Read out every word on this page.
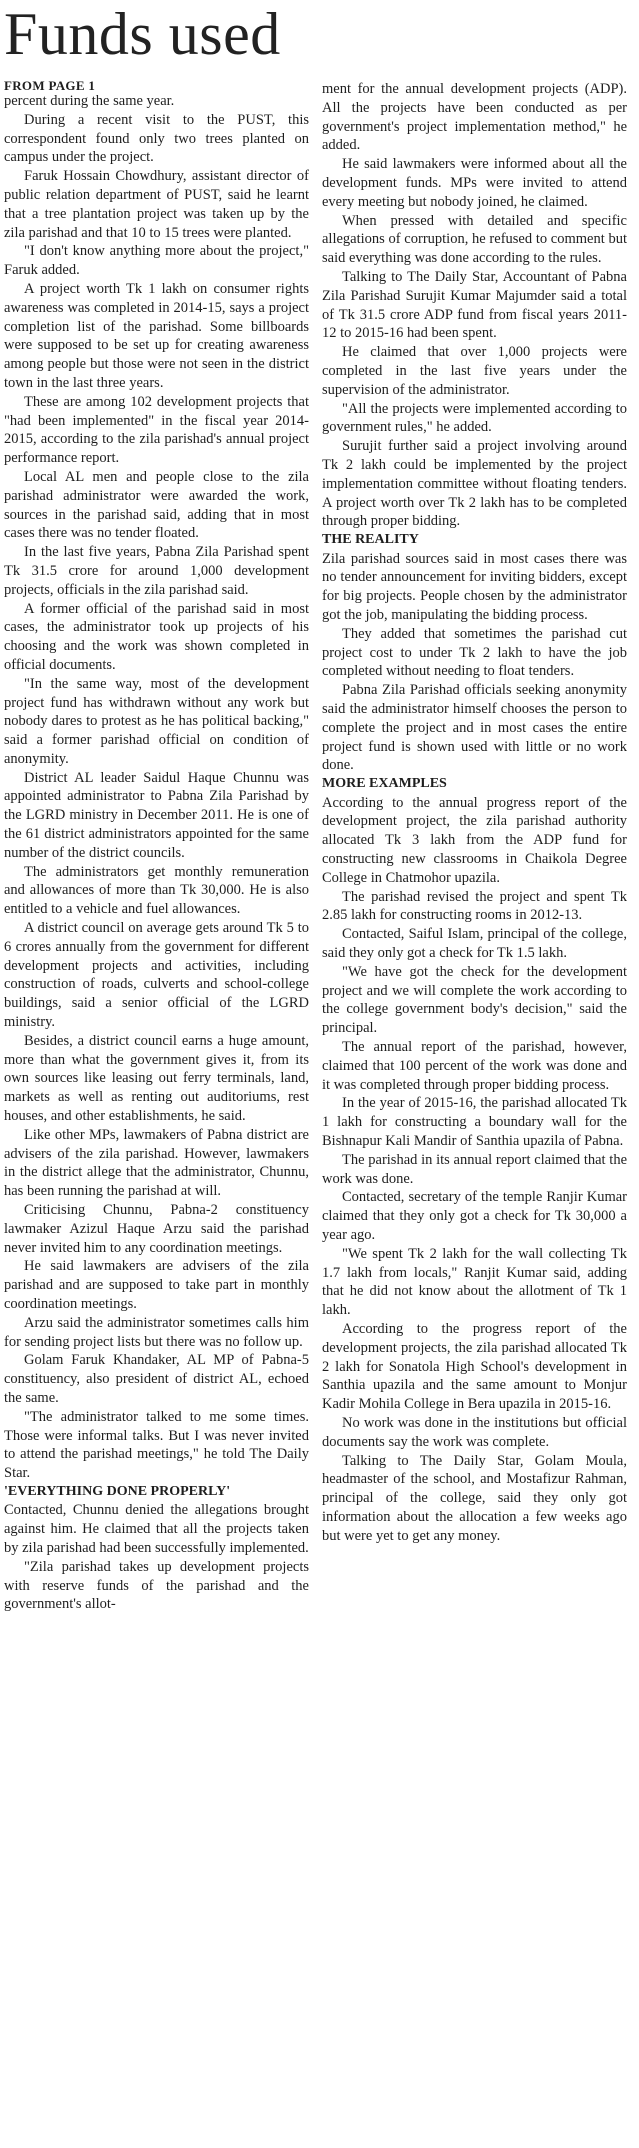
Funds used
FROM PAGE 1

percent during the same year.

During a recent visit to the PUST, this correspondent found only two trees planted on campus under the project.

Faruk Hossain Chowdhury, assistant director of public relation department of PUST, said he learnt that a tree plantation project was taken up by the zila parishad and that 10 to 15 trees were planted.

"I don't know anything more about the project," Faruk added.

A project worth Tk 1 lakh on consumer rights awareness was completed in 2014-15, says a project completion list of the parishad. Some billboards were supposed to be set up for creating awareness among people but those were not seen in the district town in the last three years.

These are among 102 development projects that "had been implemented" in the fiscal year 2014-2015, according to the zila parishad's annual project performance report.

Local AL men and people close to the zila parishad administrator were awarded the work, sources in the parishad said, adding that in most cases there was no tender floated.

In the last five years, Pabna Zila Parishad spent Tk 31.5 crore for around 1,000 development projects, officials in the zila parishad said.

A former official of the parishad said in most cases, the administrator took up projects of his choosing and the work was shown completed in official documents.

"In the same way, most of the development project fund has withdrawn without any work but nobody dares to protest as he has political backing," said a former parishad official on condition of anonymity.

District AL leader Saidul Haque Chunnu was appointed administrator to Pabna Zila Parishad by the LGRD ministry in December 2011. He is one of the 61 district administrators appointed for the same number of the district councils.

The administrators get monthly remuneration and allowances of more than Tk 30,000. He is also entitled to a vehicle and fuel allowances.

A district council on average gets around Tk 5 to 6 crores annually from the government for different development projects and activities, including construction of roads, culverts and school-college buildings, said a senior official of the LGRD ministry.

Besides, a district council earns a huge amount, more than what the government gives it, from its own sources like leasing out ferry terminals, land, markets as well as renting out auditoriums, rest houses, and other establishments, he said.

Like other MPs, lawmakers of Pabna district are advisers of the zila parishad. However, lawmakers in the district allege that the administrator, Chunnu, has been running the parishad at will.

Criticising Chunnu, Pabna-2 constituency lawmaker Azizul Haque Arzu said the parishad never invited him to any coordination meetings.

He said lawmakers are advisers of the zila parishad and are supposed to take part in monthly coordination meetings.

Arzu said the administrator sometimes calls him for sending project lists but there was no follow up.

Golam Faruk Khandaker, AL MP of Pabna-5 constituency, also president of district AL, echoed the same.

"The administrator talked to me some times. Those were informal talks. But I was never invited to attend the parishad meetings," he told The Daily Star.

'EVERYTHING DONE PROPERLY'

Contacted, Chunnu denied the allegations brought against him. He claimed that all the projects taken by zila parishad had been successfully implemented.

"Zila parishad takes up development projects with reserve funds of the parishad and the government's allot-

ment for the annual development projects (ADP). All the projects have been conducted as per government's project implementation method," he added.

He said lawmakers were informed about all the development funds. MPs were invited to attend every meeting but nobody joined, he claimed.

When pressed with detailed and specific allegations of corruption, he refused to comment but said everything was done according to the rules.

Talking to The Daily Star, Accountant of Pabna Zila Parishad Surujit Kumar Majumder said a total of Tk 31.5 crore ADP fund from fiscal years 2011-12 to 2015-16 had been spent.

He claimed that over 1,000 projects were completed in the last five years under the supervision of the administrator.

"All the projects were implemented according to government rules," he added.

Surujit further said a project involving around Tk 2 lakh could be implemented by the project implementation committee without floating tenders. A project worth over Tk 2 lakh has to be completed through proper bidding.

THE REALITY

Zila parishad sources said in most cases there was no tender announcement for inviting bidders, except for big projects. People chosen by the administrator got the job, manipulating the bidding process.

They added that sometimes the parishad cut project cost to under Tk 2 lakh to have the job completed without needing to float tenders.

Pabna Zila Parishad officials seeking anonymity said the administrator himself chooses the person to complete the project and in most cases the entire project fund is shown used with little or no work done.

MORE EXAMPLES

According to the annual progress report of the development project, the zila parishad authority allocated Tk 3 lakh from the ADP fund for constructing new classrooms in Chaikola Degree College in Chatmohor upazila.

The parishad revised the project and spent Tk 2.85 lakh for constructing rooms in 2012-13.

Contacted, Saiful Islam, principal of the college, said they only got a check for Tk 1.5 lakh.

"We have got the check for the development project and we will complete the work according to the college government body's decision," said the principal.

The annual report of the parishad, however, claimed that 100 percent of the work was done and it was completed through proper bidding process.

In the year of 2015-16, the parishad allocated Tk 1 lakh for constructing a boundary wall for the Bishnapur Kali Mandir of Santhia upazila of Pabna.

The parishad in its annual report claimed that the work was done.

Contacted, secretary of the temple Ranjir Kumar claimed that they only got a check for Tk 30,000 a year ago.

"We spent Tk 2 lakh for the wall collecting Tk 1.7 lakh from locals," Ranjit Kumar said, adding that he did not know about the allotment of Tk 1 lakh.

According to the progress report of the development projects, the zila parishad allocated Tk 2 lakh for Sonatola High School's development in Santhia upazila and the same amount to Monjur Kadir Mohila College in Bera upazila in 2015-16.

No work was done in the institutions but official documents say the work was complete.

Talking to The Daily Star, Golam Moula, headmaster of the school, and Mostafizur Rahman, principal of the college, said they only got information about the allocation a few weeks ago but were yet to get any money.
